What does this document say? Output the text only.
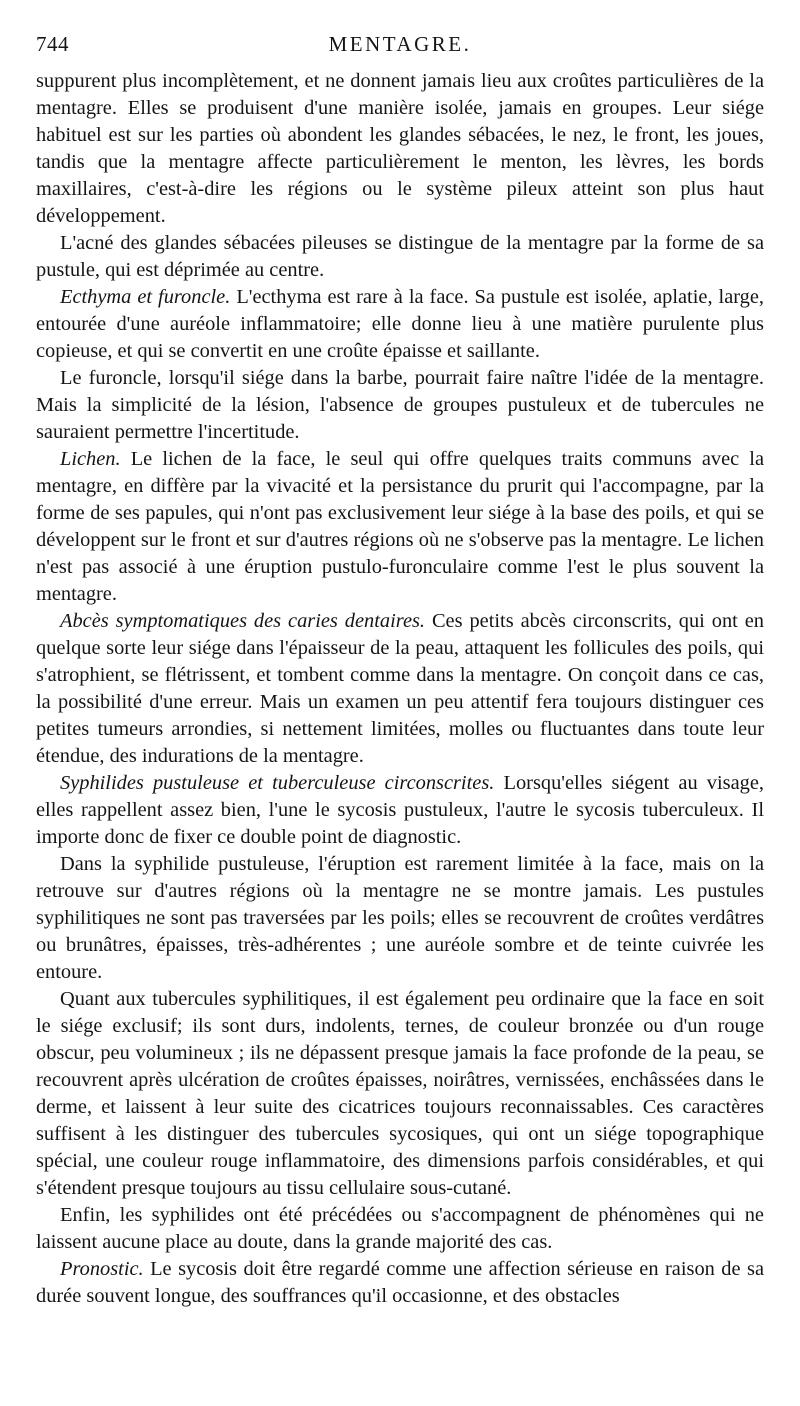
744	MENTAGRE.

suppurent plus incomplètement, et ne donnent jamais lieu aux croûtes particulières de la mentagre. Elles se produisent d'une manière isolée, jamais en groupes. Leur siége habituel est sur les parties où abondent les glandes sébacées, le nez, le front, les joues, tandis que la mentagre affecte particulièrement le menton, les lèvres, les bords maxillaires, c'est-à-dire les régions ou le système pileux atteint son plus haut développement.

L'acné des glandes sébacées pileuses se distingue de la mentagre par la forme de sa pustule, qui est déprimée au centre.

Ecthyma et furoncle. L'ecthyma est rare à la face. Sa pustule est isolée, aplatie, large, entourée d'une auréole inflammatoire; elle donne lieu à une matière purulente plus copieuse, et qui se convertit en une croûte épaisse et saillante.

Le furoncle, lorsqu'il siége dans la barbe, pourrait faire naître l'idée de la mentagre. Mais la simplicité de la lésion, l'absence de groupes pustuleux et de tubercules ne sauraient permettre l'incertitude.

Lichen. Le lichen de la face, le seul qui offre quelques traits communs avec la mentagre, en diffère par la vivacité et la persistance du prurit qui l'accompagne, par la forme de ses papules, qui n'ont pas exclusivement leur siége à la base des poils, et qui se développent sur le front et sur d'autres régions où ne s'observe pas la mentagre. Le lichen n'est pas associé à une éruption pustulo-furonculaire comme l'est le plus souvent la mentagre.

Abcès symptomatiques des caries dentaires. Ces petits abcès circonscrits, qui ont en quelque sorte leur siége dans l'épaisseur de la peau, attaquent les follicules des poils, qui s'atrophient, se flétrissent, et tombent comme dans la mentagre. On conçoit dans ce cas, la possibilité d'une erreur. Mais un examen un peu attentif fera toujours distinguer ces petites tumeurs arrondies, si nettement limitées, molles ou fluctuantes dans toute leur étendue, des indurations de la mentagre.

Syphilides pustuleuse et tuberculeuse circonscrites. Lorsqu'elles siégent au visage, elles rappellent assez bien, l'une le sycosis pustuleux, l'autre le sycosis tuberculeux. Il importe donc de fixer ce double point de diagnostic.

Dans la syphilide pustuleuse, l'éruption est rarement limitée à la face, mais on la retrouve sur d'autres régions où la mentagre ne se montre jamais. Les pustules syphilitiques ne sont pas traversées par les poils; elles se recouvrent de croûtes verdâtres ou brunâtres, épaisses, très-adhérentes ; une auréole sombre et de teinte cuivrée les entoure.

Quant aux tubercules syphilitiques, il est également peu ordinaire que la face en soit le siége exclusif; ils sont durs, indolents, ternes, de couleur bronzée ou d'un rouge obscur, peu volumineux ; ils ne dépassent presque jamais la face profonde de la peau, se recouvrent après ulcération de croûtes épaisses, noirâtres, vernissées, enchâssées dans le derme, et laissent à leur suite des cicatrices toujours reconnaissables. Ces caractères suffisent à les distinguer des tubercules sycosiques, qui ont un siége topographique spécial, une couleur rouge inflammatoire, des dimensions parfois considérables, et qui s'étendent presque toujours au tissu cellulaire sous-cutané.

Enfin, les syphilides ont été précédées ou s'accompagnent de phénomènes qui ne laissent aucune place au doute, dans la grande majorité des cas.

Pronostic. Le sycosis doit être regardé comme une affection sérieuse en raison de sa durée souvent longue, des souffrances qu'il occasionne, et des obstacles
